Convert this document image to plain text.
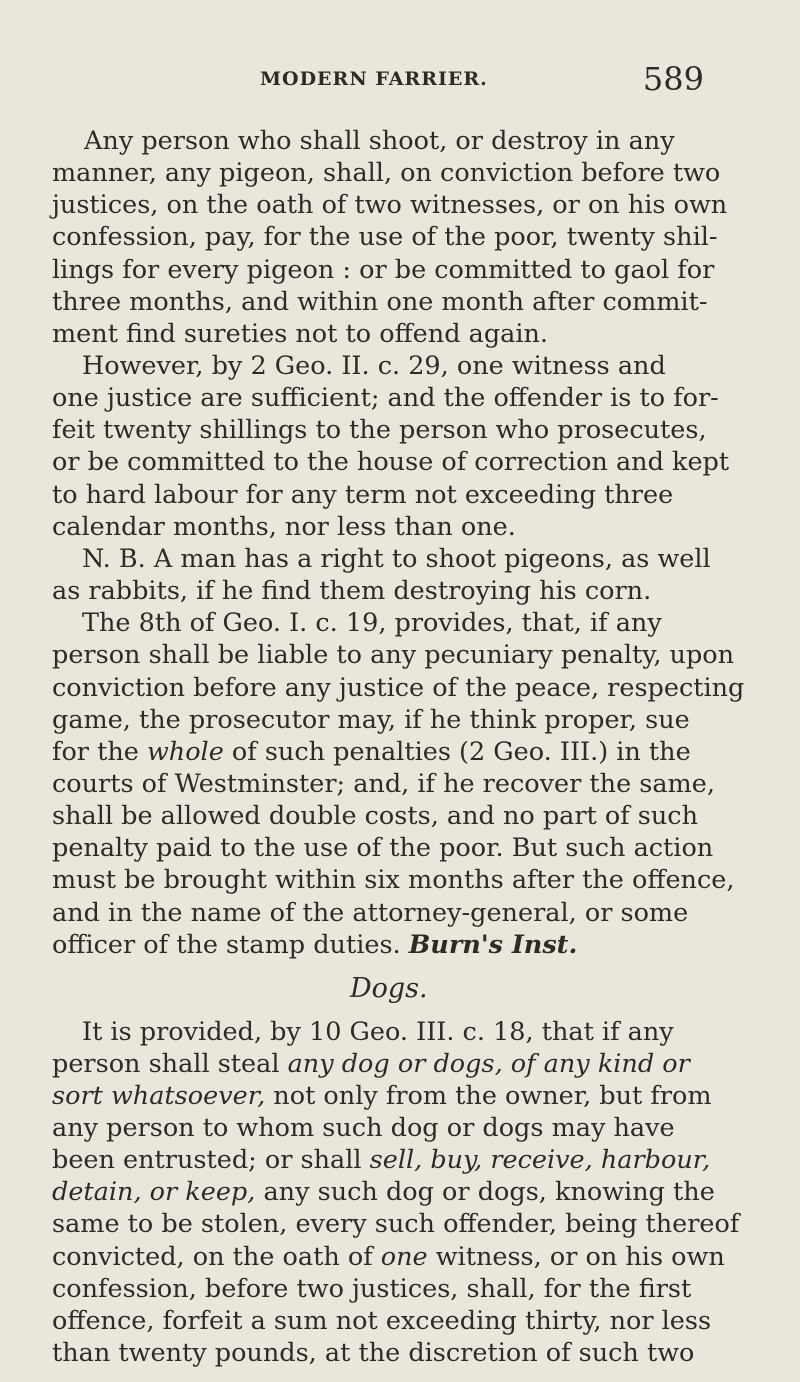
MODERN FARRIER.	589
Any person who shall shoot, or destroy in any
manner, any pigeon, shall, on conviction before two
justices, on the oath of two witnesses, or on his own
confession, pay, for the use of the poor, twenty shil-
lings for every pigeon : or be committed to gaol for
three months, and within one month after commit-
ment find sureties not to offend again.
However, by 2 Geo. II. c. 29, one witness and
one justice are sufficient; and the offender is to for-
feit twenty shillings to the person who prosecutes,
or be committed to the house of correction and kept
to hard labour for any term not exceeding three
calendar months, nor less than one.
N. B. A man has a right to shoot pigeons, as well
as rabbits, if he find them destroying his corn.
The 8th of Geo. I. c. 19, provides, that, if any
person shall be liable to any pecuniary penalty, upon
conviction before any justice of the peace, respecting
game, the prosecutor may, if he think proper, sue
for the whole of such penalties (2 Geo. III.) in the
courts of Westminster; and, if he recover the same,
shall be allowed double costs, and no part of such
penalty paid to the use of the poor. But such action
must be brought within six months after the offence,
and in the name of the attorney-general, or some
officer of the stamp duties. Burn's Inst.
Dogs.
It is provided, by 10 Geo. III. c. 18, that if any
person shall steal any dog or dogs, of any kind or
sort whatsoever, not only from the owner, but from
any person to whom such dog or dogs may have
been entrusted; or shall sell, buy, receive, harbour,
detain, or keep, any such dog or dogs, knowing the
same to be stolen, every such offender, being thereof
convicted, on the oath of one witness, or on his own
confession, before two justices, shall, for the first
offence, forfeit a sum not exceeding thirty, nor less
than twenty pounds, at the discretion of such two
